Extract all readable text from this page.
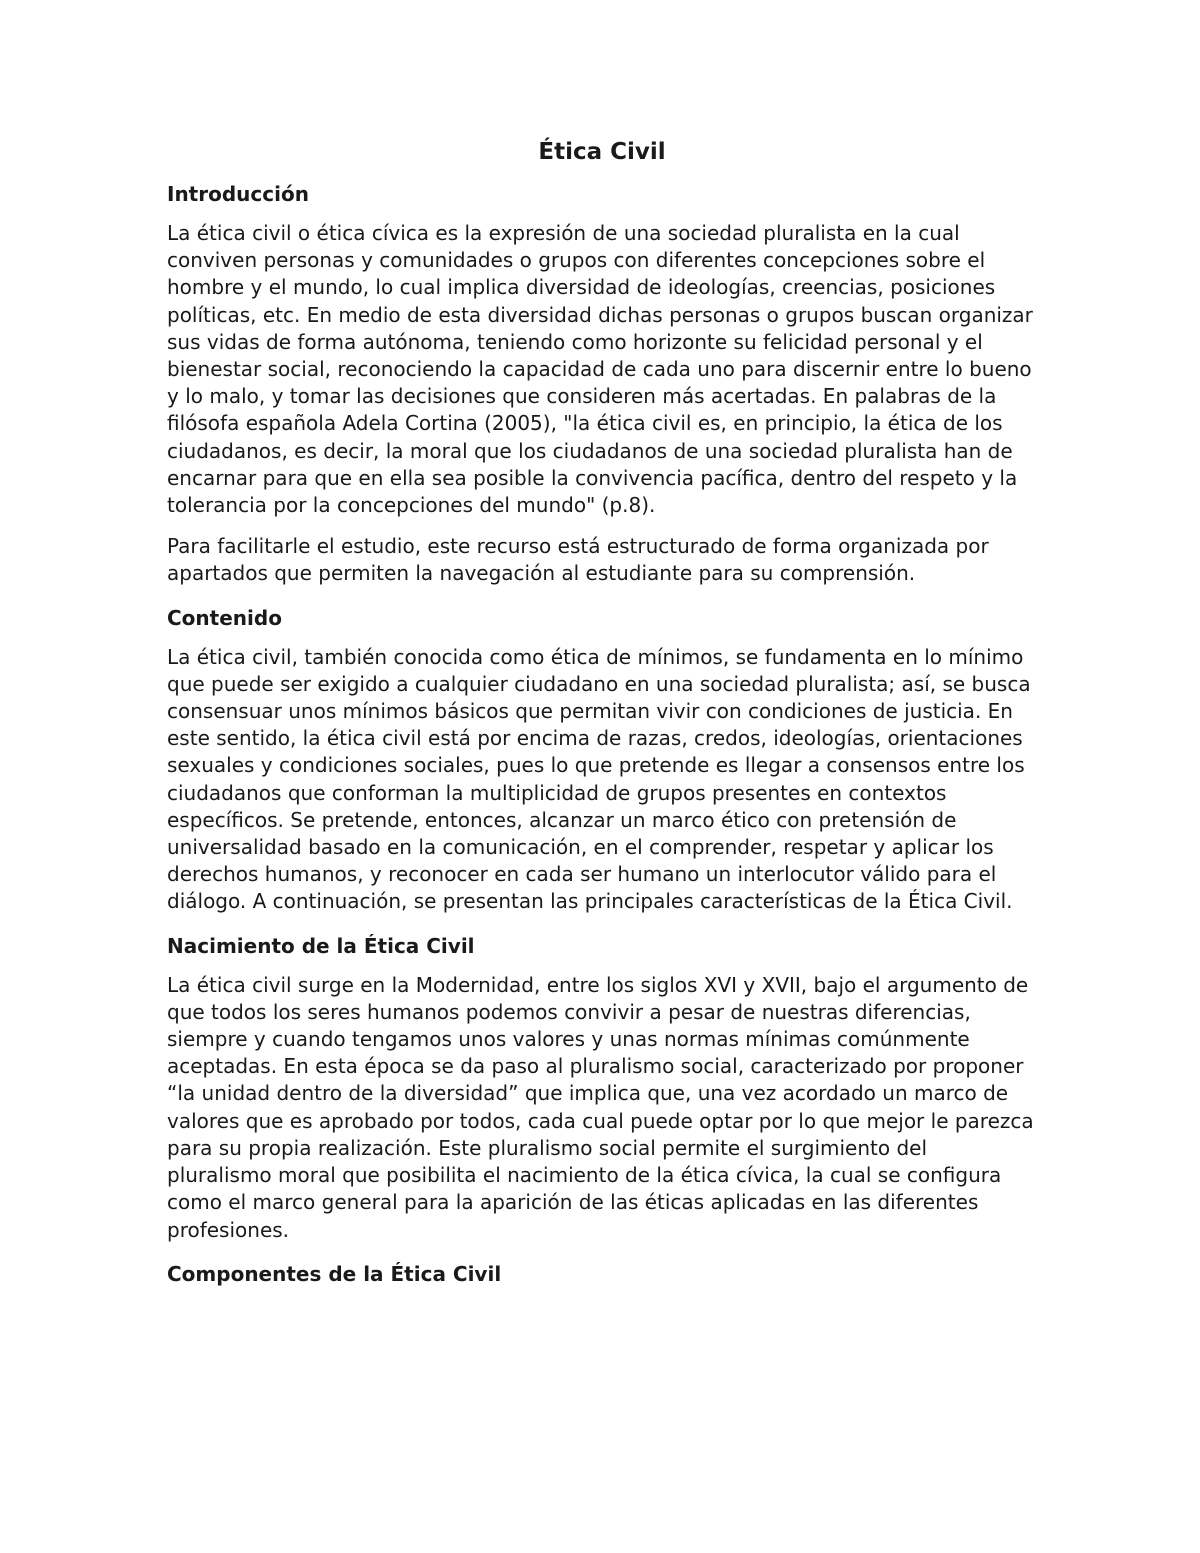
Ética Civil
Introducción

La ética civil o ética cívica es la expresión de una sociedad pluralista en la cual conviven personas y comunidades o grupos con diferentes concepciones sobre el hombre y el mundo, lo cual implica diversidad de ideologías, creencias, posiciones políticas, etc. En medio de esta diversidad dichas personas o grupos buscan organizar sus vidas de forma autónoma, teniendo como horizonte su felicidad personal y el bienestar social, reconociendo la capacidad de cada uno para discernir entre lo bueno y lo malo, y tomar las decisiones que consideren más acertadas. En palabras de la filósofa española Adela Cortina (2005), "la ética civil es, en principio, la ética de los ciudadanos, es decir, la moral que los ciudadanos de una sociedad pluralista han de encarnar para que en ella sea posible la convivencia pacífica, dentro del respeto y la tolerancia por la concepciones del mundo" (p.8).

Para facilitarle el estudio, este recurso está estructurado de forma organizada por apartados que permiten la navegación al estudiante para su comprensión.

Contenido

La ética civil, también conocida como ética de mínimos, se fundamenta en lo mínimo que puede ser exigido a cualquier ciudadano en una sociedad pluralista; así, se busca consensuar unos mínimos básicos que permitan vivir con condiciones de justicia. En este sentido, la ética civil está por encima de razas, credos, ideologías, orientaciones sexuales y condiciones sociales, pues lo que pretende es llegar a consensos entre los ciudadanos que conforman la multiplicidad de grupos presentes en contextos específicos. Se pretende, entonces, alcanzar un marco ético con pretensión de universalidad basado en la comunicación, en el comprender, respetar y aplicar los derechos humanos, y reconocer en cada ser humano un interlocutor válido para el diálogo. A continuación, se presentan las principales características de la Ética Civil.

Nacimiento de la Ética Civil

La ética civil surge en la Modernidad, entre los siglos XVI y XVII, bajo el argumento de que todos los seres humanos podemos convivir a pesar de nuestras diferencias, siempre y cuando tengamos unos valores y unas normas mínimas comúnmente aceptadas. En esta época se da paso al pluralismo social, caracterizado por proponer “la unidad dentro de la diversidad” que implica que, una vez acordado un marco de valores que es aprobado por todos, cada cual puede optar por lo que mejor le parezca para su propia realización. Este pluralismo social permite el surgimiento del pluralismo moral que posibilita el nacimiento de la ética cívica, la cual se configura como el marco general para la aparición de las éticas aplicadas en las diferentes profesiones.

Componentes de la Ética Civil
